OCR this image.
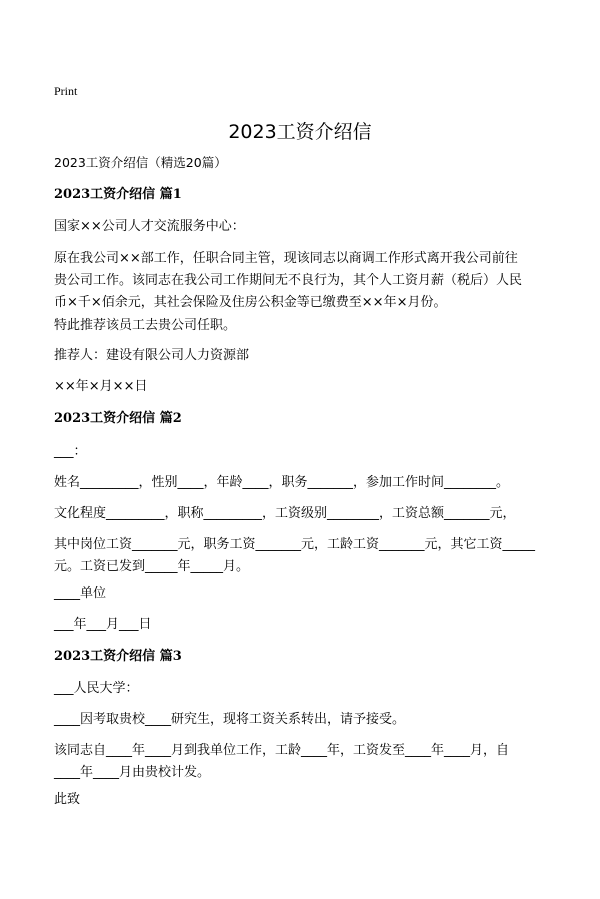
Print
2023工资介绍信
2023工资介绍信（精选20篇）
2023工资介绍信 篇1
国家××公司人才交流服务中心：
原在我公司××部工作，任职合同主管，现该同志以商调工作形式离开我公司前往
贵公司工作。该同志在我公司工作期间无不良行为，其个人工资月薪（税后）人民
币×千×佰余元，其社会保险及住房公积金等已缴费至××年×月份。
特此推荐该员工去贵公司任职。
推荐人：建设有限公司人力资源部
××年×月××日
2023工资介绍信 篇2
___：
姓名_________，性别____，年龄____，职务_______，参加工作时间________。
文化程度_________，职称_________，工资级别________，工资总额_______元，
其中岗位工资_______元，职务工资_______元，工龄工资_______元，其它工资_____
元。工资已发到_____年_____月。
____单位
___年___月___日
2023工资介绍信 篇3
___人民大学：
____因考取贵校____研究生，现将工资关系转出，请予接受。
该同志自____年____月到我单位工作，工龄____年，工资发至____年____月，自
____年____月由贵校计发。
此致
